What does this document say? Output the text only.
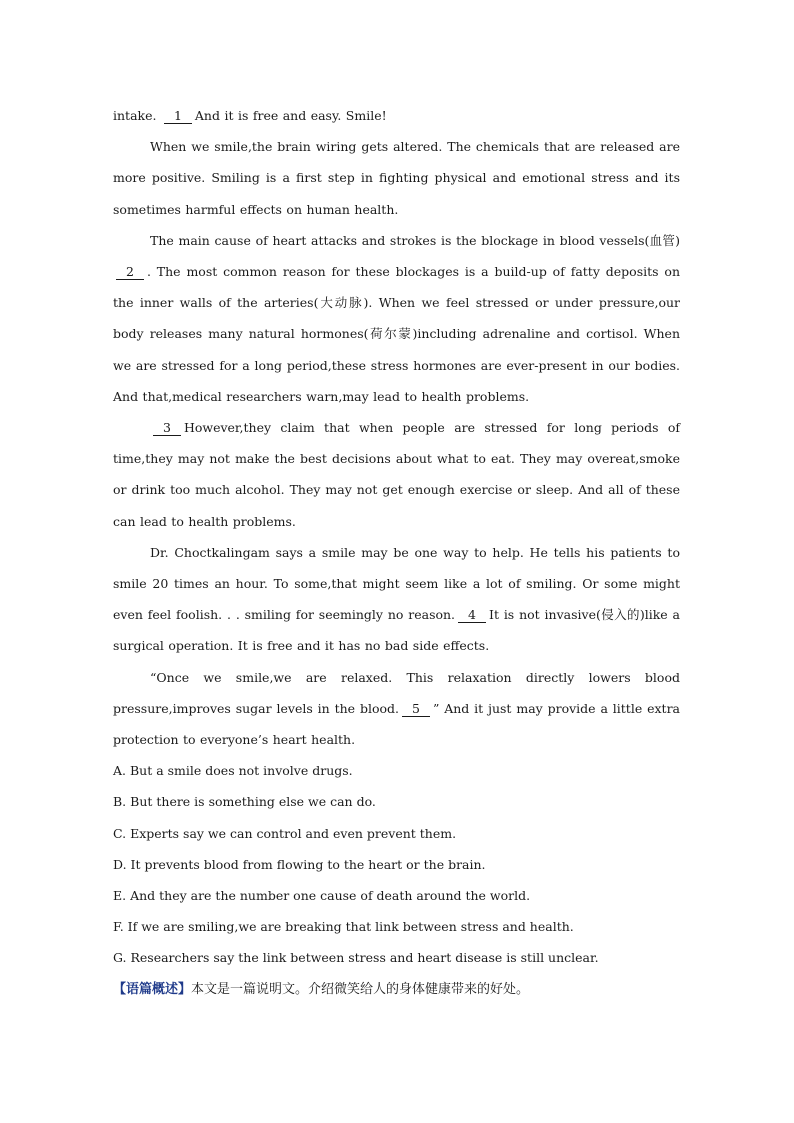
intake. 1 And it is free and easy. Smile!

When we smile,the brain wiring gets altered. The chemicals that are released are more positive. Smiling is a first step in fighting physical and emotional stress and its sometimes harmful effects on human health.

The main cause of heart attacks and strokes is the blockage in blood vessels(血管)2 . The most common reason for these blockages is a build-up of fatty deposits on the inner walls of the arteries(大动脉). When we feel stressed or under pressure,our body releases many natural hormones(荷尔蒙)including adrenaline and cortisol. When we are stressed for a long period,these stress hormones are ever-present in our bodies. And that,medical researchers warn,may lead to health problems.

3 However,they claim that when people are stressed for long periods of time,they may not make the best decisions about what to eat. They may overeat,smoke or drink too much alcohol. They may not get enough exercise or sleep. And all of these can lead to health problems.

Dr. Choctkalingam says a smile may be one way to help. He tells his patients to smile 20 times an hour. To some,that might seem like a lot of smiling. Or some might even feel foolish. . . smiling for seemingly no reason. 4 It is not invasive(侵入的)like a surgical operation. It is free and it has no bad side effects.

“Once we smile,we are relaxed. This relaxation directly lowers blood pressure,improves sugar levels in the blood. 5 ” And it just may provide a little extra protection to everyone’s heart health.

A. But a smile does not involve drugs.

B. But there is something else we can do.

C. Experts say we can control and even prevent them.

D. It prevents blood from flowing to the heart or the brain.

E. And they are the number one cause of death around the world.

F. If we are smiling,we are breaking that link between stress and health.

G. Researchers say the link between stress and heart disease is still unclear.

【语篇概述】本文是一篇说明文。介绍微笑给人的身体健康带来的好处。
